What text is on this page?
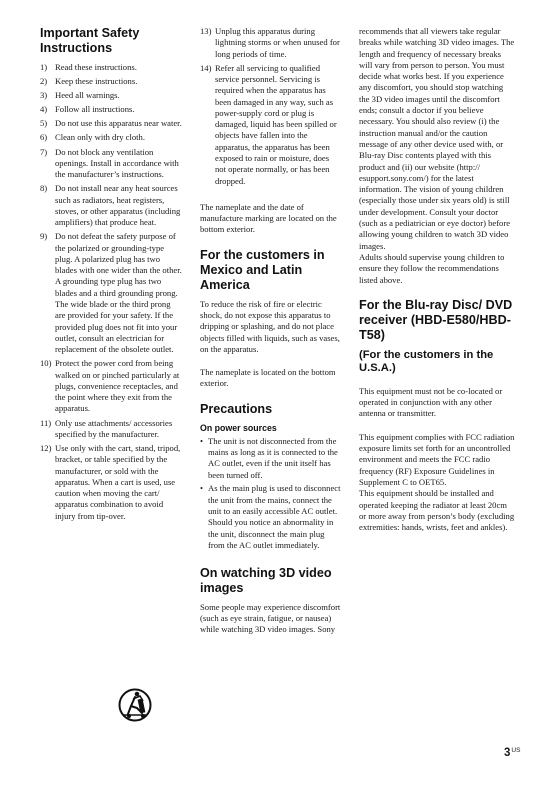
Important Safety Instructions
1) Read these instructions.
2) Keep these instructions.
3) Heed all warnings.
4) Follow all instructions.
5) Do not use this apparatus near water.
6) Clean only with dry cloth.
7) Do not block any ventilation openings. Install in accordance with the manufacturer’s instructions.
8) Do not install near any heat sources such as radiators, heat registers, stoves, or other apparatus (including amplifiers) that produce heat.
9) Do not defeat the safety purpose of the polarized or grounding-type plug. A polarized plug has two blades with one wider than the other. A grounding type plug has two blades and a third grounding prong. The wide blade or the third prong are provided for your safety. If the provided plug does not fit into your outlet, consult an electrician for replacement of the obsolete outlet.
10) Protect the power cord from being walked on or pinched particularly at plugs, convenience receptacles, and the point where they exit from the apparatus.
11) Only use attachments/ accessories specified by the manufacturer.
12) Use only with the cart, stand, tripod, bracket, or table specified by the manufacturer, or sold with the apparatus. When a cart is used, use caution when moving the cart/ apparatus combination to avoid injury from tip-over.
13) Unplug this apparatus during lightning storms or when unused for long periods of time.
14) Refer all servicing to qualified service personnel. Servicing is required when the apparatus has been damaged in any way, such as power-supply cord or plug is damaged, liquid has been spilled or objects have fallen into the apparatus, the apparatus has been exposed to rain or moisture, does not operate normally, or has been dropped.

The nameplate and the date of manufacture marking are located on the bottom exterior.

For the customers in Mexico and Latin America

To reduce the risk of fire or electric shock, do not expose this apparatus to dripping or splashing, and do not place objects filled with liquids, such as vases, on the apparatus.

The nameplate is located on the bottom exterior.

Precautions
On power sources
• The unit is not disconnected from the mains as long as it is connected to the AC outlet, even if the unit itself has been turned off.
• As the main plug is used to disconnect the unit from the mains, connect the unit to an easily accessible AC outlet. Should you notice an abnormality in the unit, disconnect the main plug from the AC outlet immediately.
On watching 3D video images

Some people may experience discomfort (such as eye strain, fatigue, or nausea) while watching 3D video images. Sony

recommends that all viewers take regular breaks while watching 3D video images. The length and frequency of necessary breaks will vary from person to person. You must decide what works best. If you experience any discomfort, you should stop watching the 3D video images until the discomfort ends; consult a doctor if you believe necessary. You should also review (i) the instruction manual and/or the caution message of any other device used with, or Blu-ray Disc contents played with this product and (ii) our website (http:// esupport.sony.com/) for the latest information. The vision of young children (especially those under six years old) is still under development. Consult your doctor (such as a pediatrician or eye doctor) before allowing young children to watch 3D video images.

Adults should supervise young children to ensure they follow the recommendations listed above.

For the Blu-ray Disc/ DVD receiver (HBD-E580/HBD-T58)
(For the customers in the U.S.A.)

This equipment must not be co-located or operated in conjunction with any other antenna or transmitter.

This equipment complies with FCC radiation exposure limits set forth for an uncontrolled environment and meets the FCC radio frequency (RF) Exposure Guidelines in Supplement C to OET65.

This equipment should be installed and operated keeping the radiator at least 20cm or more away from person’s body (excluding extremities: hands, wrists, feet and ankles).

$3^{US}$
